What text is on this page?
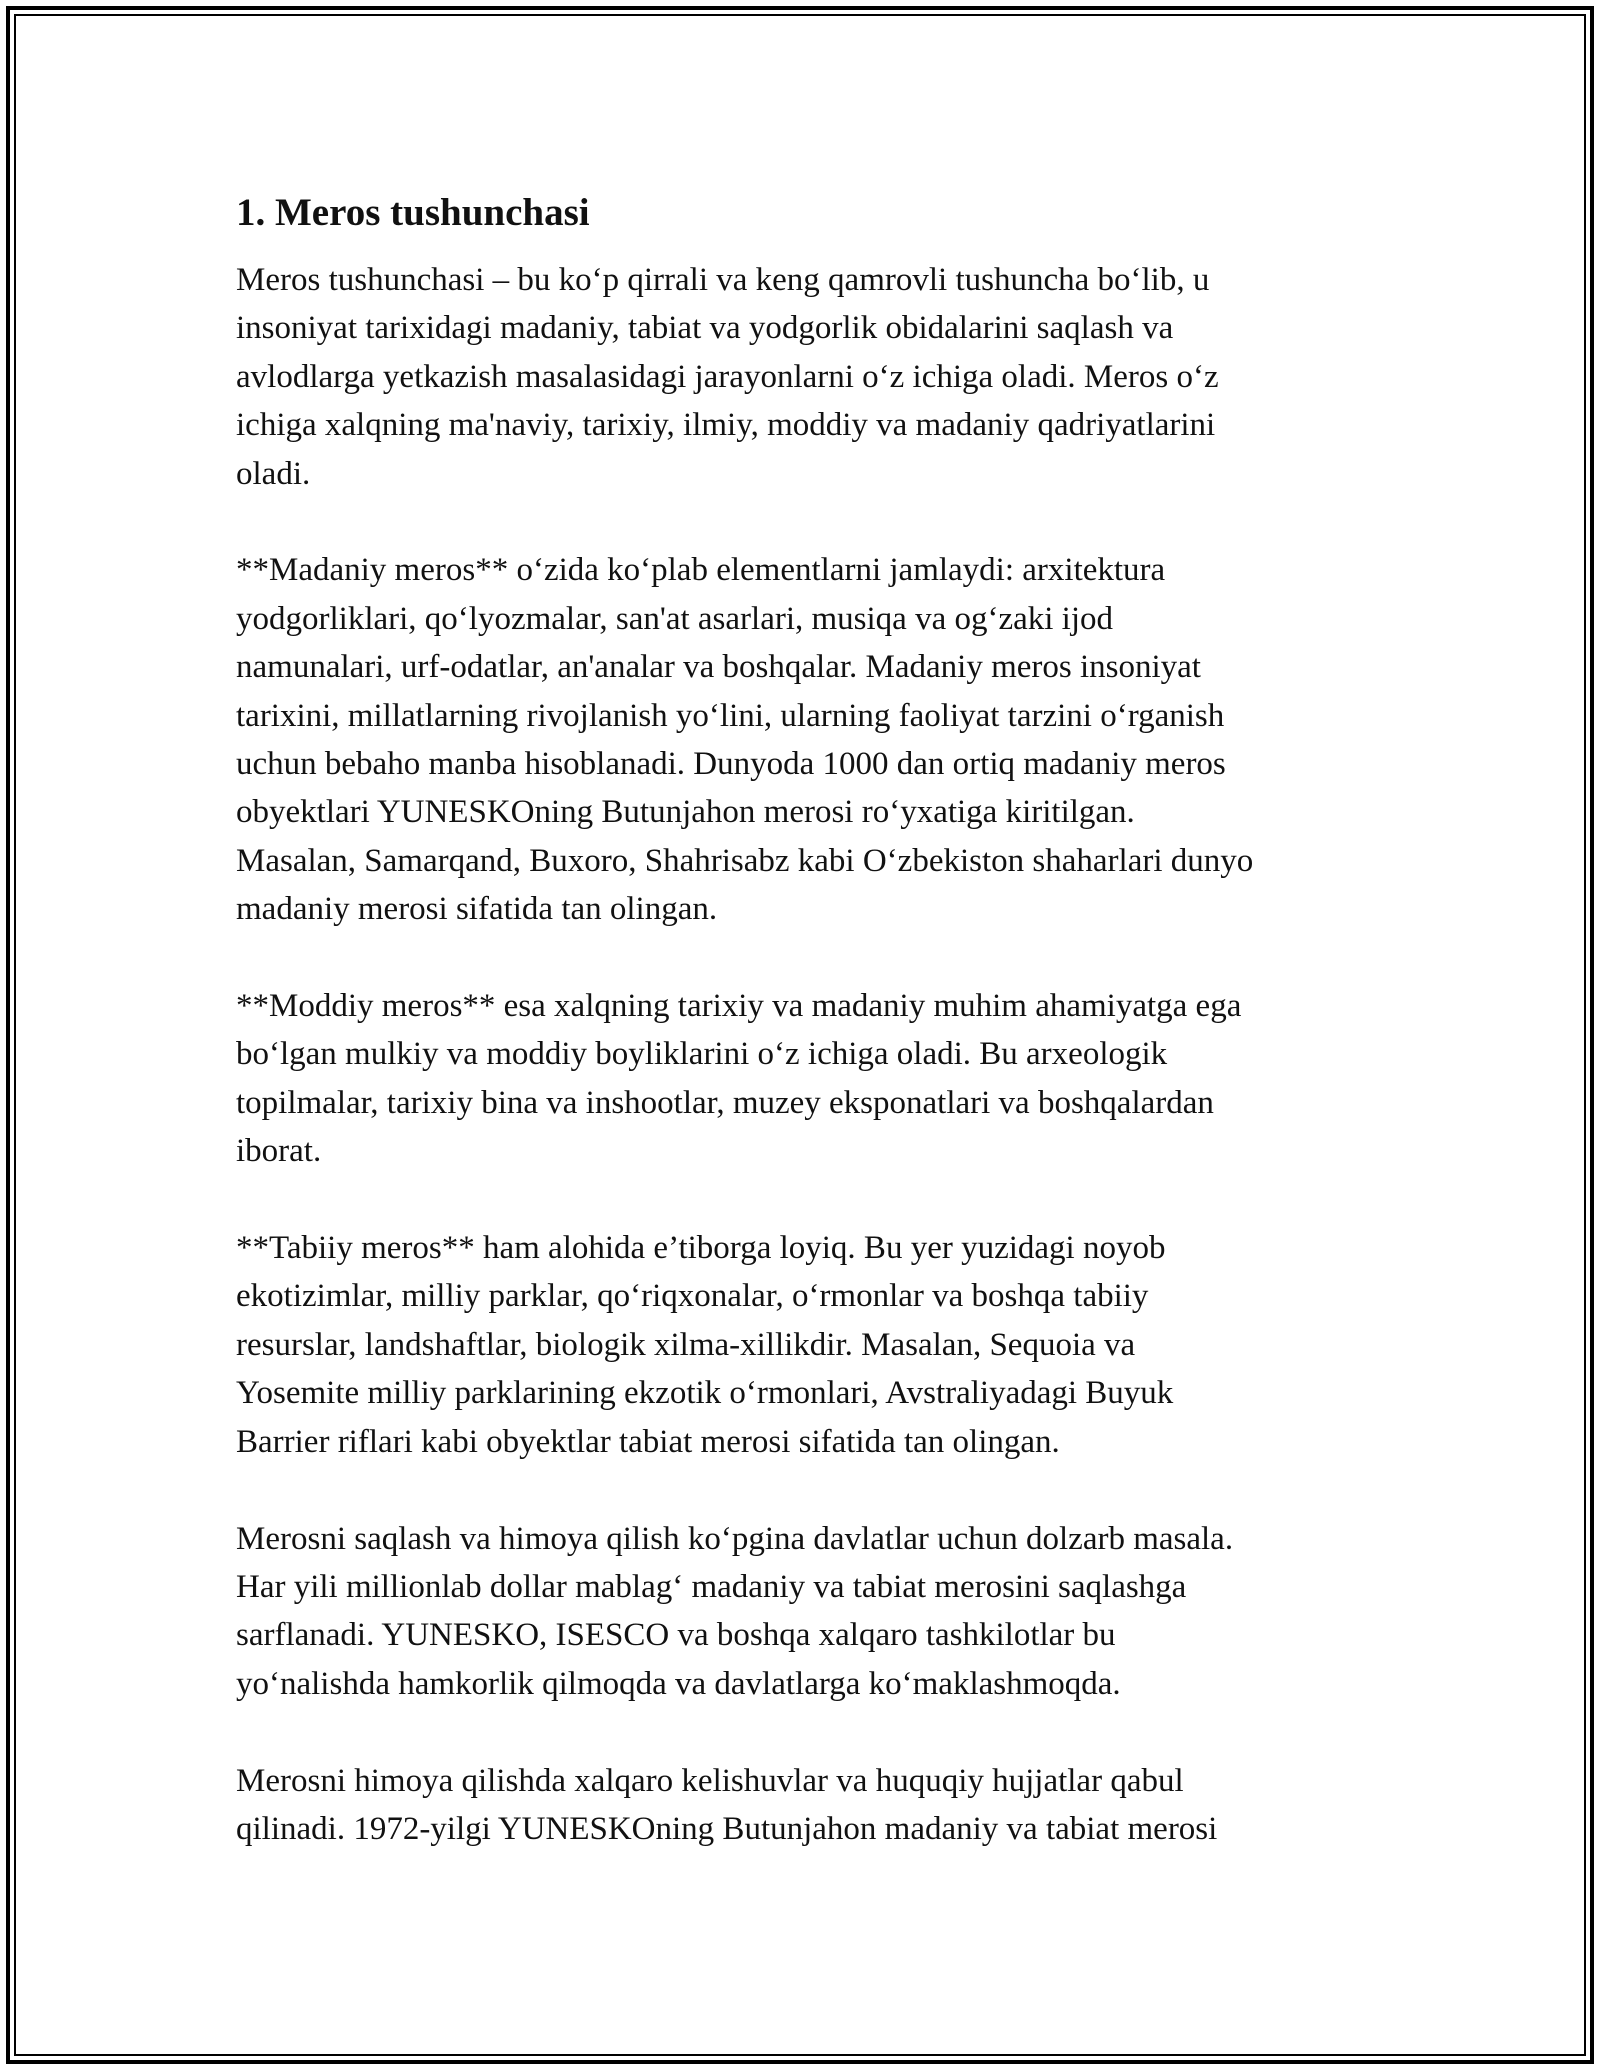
1. Meros tushunchasi

Meros tushunchasi – bu ko‘p qirrali va keng qamrovli tushuncha bo‘lib, u
insoniyat tarixidagi madaniy, tabiat va yodgorlik obidalarini saqlash va
avlodlarga yetkazish masalasidagi jarayonlarni o‘z ichiga oladi. Meros o‘z
ichiga xalqning ma'naviy, tarixiy, ilmiy, moddiy va madaniy qadriyatlarini
oladi.

**Madaniy meros** o‘zida ko‘plab elementlarni jamlaydi: arxitektura
yodgorliklari, qo‘lyozmalar, san'at asarlari, musiqa va og‘zaki ijod
namunalari, urf-odatlar, an'analar va boshqalar. Madaniy meros insoniyat
tarixini, millatlarning rivojlanish yo‘lini, ularning faoliyat tarzini o‘rganish
uchun bebaho manba hisoblanadi. Dunyoda 1000 dan ortiq madaniy meros
obyektlari YUNESKOning Butunjahon merosi ro‘yxatiga kiritilgan.
Masalan, Samarqand, Buxoro, Shahrisabz kabi O‘zbekiston shaharlari dunyo
madaniy merosi sifatida tan olingan.

**Moddiy meros** esa xalqning tarixiy va madaniy muhim ahamiyatga ega
bo‘lgan mulkiy va moddiy boyliklarini o‘z ichiga oladi. Bu arxeologik
topilmalar, tarixiy bina va inshootlar, muzey eksponatlari va boshqalardan
iborat.

**Tabiiy meros** ham alohida e’tiborga loyiq. Bu yer yuzidagi noyob
ekotizimlar, milliy parklar, qo‘riqxonalar, o‘rmonlar va boshqa tabiiy
resurslar, landshaftlar, biologik xilma-xillikdir. Masalan, Sequoia va
Yosemite milliy parklarining ekzotik o‘rmonlari, Avstraliyadagi Buyuk
Barrier riflari kabi obyektlar tabiat merosi sifatida tan olingan.

Merosni saqlash va himoya qilish ko‘pgina davlatlar uchun dolzarb masala.
Har yili millionlab dollar mablag‘ madaniy va tabiat merosini saqlashga
sarflanadi. YUNESKO, ISESCO va boshqa xalqaro tashkilotlar bu
yo‘nalishda hamkorlik qilmoqda va davlatlarga ko‘maklashmoqda.

Merosni himoya qilishda xalqaro kelishuvlar va huquqiy hujjatlar qabul
qilinadi. 1972-yilgi YUNESKOning Butunjahon madaniy va tabiat merosi
